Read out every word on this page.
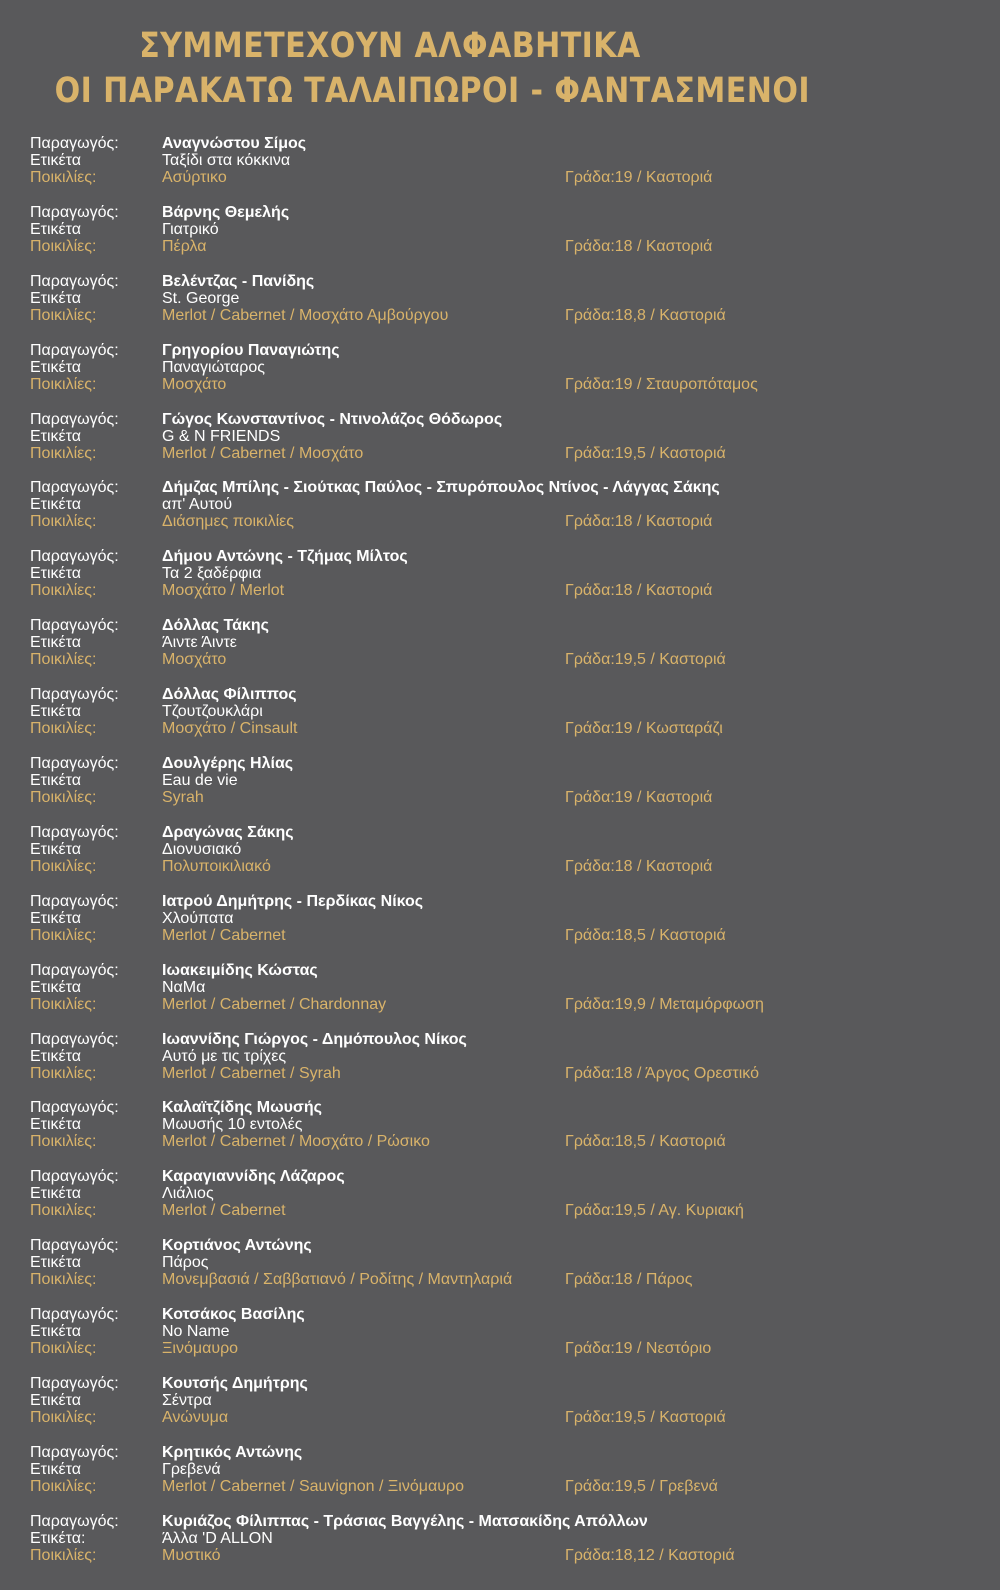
ΣΥΜΜΕΤΕΧΟΥΝ ΑΛΦΑΒΗΤΙΚΑ
ΟΙ ΠΑΡΑΚΑΤΩ ΤΑΛΑΙΠΩΡΟΙ - ΦΑΝΤΑΣΜΕΝΟΙ
Παραγωγός:	Αναγνώστου Σίμος
Ετικέτα	Ταξίδι στα κόκκινα
Ποικιλίες:	Ασύρτικο	Γράδα:19 / Καστοριά
Παραγωγός:	Βάρνης Θεμελής
Ετικέτα	Γιατρικό
Ποικιλίες:	Πέρλα	Γράδα:18 / Καστοριά
Παραγωγός:	Βελέντζας - Πανίδης
Ετικέτα	St. George
Ποικιλίες:	Merlot / Cabernet / Μοσχάτο Αμβούργου	Γράδα:18,8 / Καστοριά
Παραγωγός:	Γρηγορίου Παναγιώτης
Ετικέτα	Παναγιώταρος
Ποικιλίες:	Μοσχάτο	Γράδα:19 / Σταυροπόταμος
Παραγωγός:	Γώγος Κωνσταντίνος - Ντινολάζος Θόδωρος
Ετικέτα	G & N FRIENDS
Ποικιλίες:	Merlot / Cabernet / Μοσχάτο	Γράδα:19,5 / Καστοριά
Παραγωγός:	Δήμζας Μπίλης - Σιούτκας Παύλος - Σπυρόπουλος Ντίνος - Λάγγας Σάκης
Ετικέτα	απ' Αυτού
Ποικιλίες:	Διάσημες ποικιλίες	Γράδα:18 / Καστοριά
Παραγωγός:	Δήμου Αντώνης - Τζήμας Μίλτος
Ετικέτα	Τα 2 ξαδέρφια
Ποικιλίες:	Μοσχάτο / Merlot	Γράδα:18 / Καστοριά
Παραγωγός:	Δόλλας Τάκης
Ετικέτα	Άιντε Άιντε
Ποικιλίες:	Μοσχάτο	Γράδα:19,5 / Καστοριά
Παραγωγός:	Δόλλας Φίλιππος
Ετικέτα	Τζουτζουκλάρι
Ποικιλίες:	Μοσχάτο / Cinsault	Γράδα:19 / Κωσταράζι
Παραγωγός:	Δουλγέρης Ηλίας
Ετικέτα	Eau de vie
Ποικιλίες:	Syrah	Γράδα:19 / Καστοριά
Παραγωγός:	Δραγώνας Σάκης
Ετικέτα	Διονυσιακό
Ποικιλίες:	Πολυποικιλιακό	Γράδα:18 / Καστοριά
Παραγωγός:	Ιατρού Δημήτρης - Περδίκας Νίκος
Ετικέτα	Χλούπατα
Ποικιλίες:	Merlot / Cabernet	Γράδα:18,5 / Καστοριά
Παραγωγός:	Ιωακειμίδης Κώστας
Ετικέτα	ΝαΜα
Ποικιλίες:	Merlot / Cabernet / Chardonnay	Γράδα:19,9 / Μεταμόρφωση
Παραγωγός:	Ιωαννίδης Γιώργος - Δημόπουλος Νίκος
Ετικέτα	Αυτό με τις τρίχες
Ποικιλίες:	Merlot / Cabernet / Syrah	Γράδα:18 / Άργος Ορεστικό
Παραγωγός:	Καλαϊτζίδης Μωυσής
Ετικέτα	Μωυσής 10 εντολές
Ποικιλίες:	Merlot / Cabernet / Μοσχάτο / Ρώσικο	Γράδα:18,5 / Καστοριά
Παραγωγός:	Καραγιαννίδης Λάζαρος
Ετικέτα	Λιάλιος
Ποικιλίες:	Merlot / Cabernet	Γράδα:19,5 / Αγ. Κυριακή
Παραγωγός:	Κορτιάνος Αντώνης
Ετικέτα	Πάρος
Ποικιλίες:	Μονεμβασιά / Σαββατιανό / Ροδίτης / Μαντηλαριά	Γράδα:18 / Πάρος
Παραγωγός:	Κοτσάκος Βασίλης
Ετικέτα	No Name
Ποικιλίες:	Ξινόμαυρο	Γράδα:19 / Νεστόριο
Παραγωγός:	Κουτσής Δημήτρης
Ετικέτα	Σέντρα
Ποικιλίες:	Ανώνυμα	Γράδα:19,5 / Καστοριά
Παραγωγός:	Κρητικός Αντώνης
Ετικέτα	Γρεβενά
Ποικιλίες:	Merlot / Cabernet / Sauvignon / Ξινόμαυρο	Γράδα:19,5 / Γρεβενά
Παραγωγός:	Κυριάζος Φίλιππας - Τράσιας Βαγγέλης - Ματσακίδης Απόλλων
Ετικέτα:	Άλλα 'D ALLON
Ποικιλίες:	Μυστικό	Γράδα:18,12 / Καστοριά
